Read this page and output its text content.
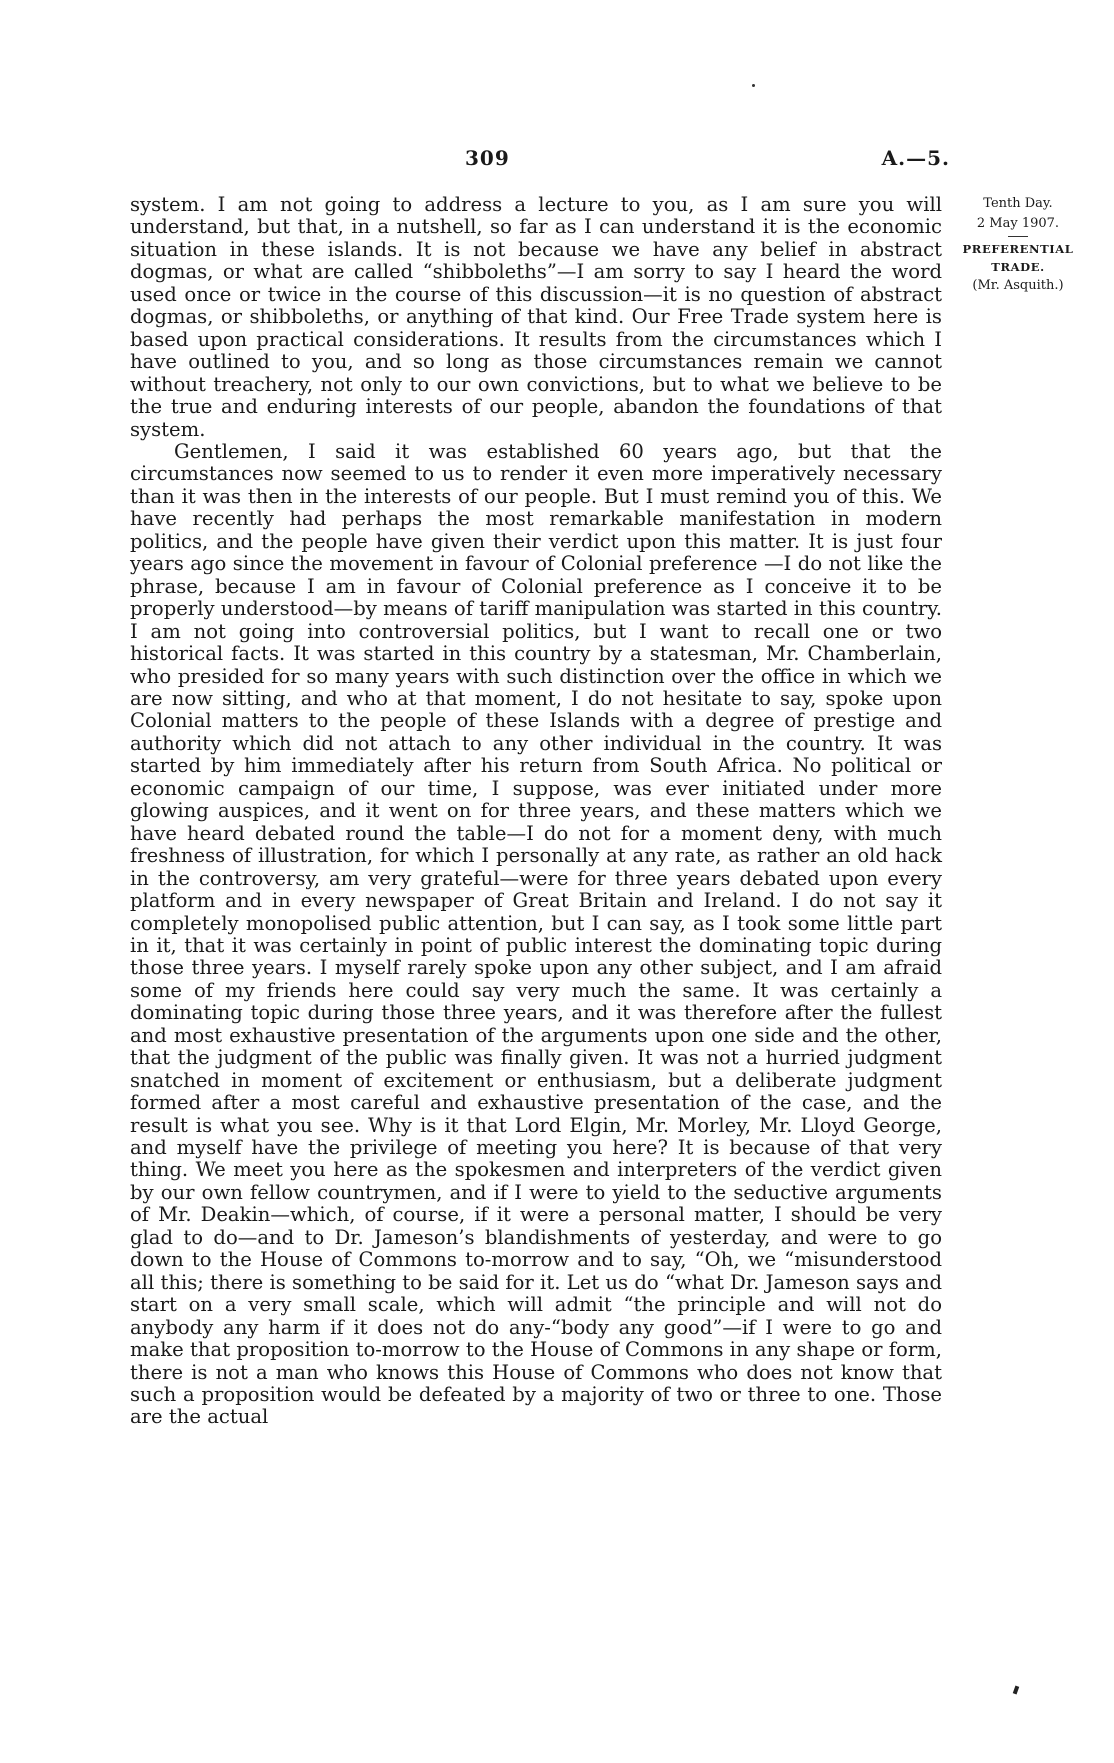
309	A.—5.

system. I am not going to address a lecture to you, as I am sure you will understand, but that, in a nutshell, so far as I can understand it is the economic situation in these islands. It is not because we have any belief in abstract dogmas, or what are called “shibboleths”—I am sorry to say I heard the word used once or twice in the course of this discussion—it is no question of abstract dogmas, or shibboleths, or anything of that kind. Our Free Trade system here is based upon practical considerations. It results from the circumstances which I have outlined to you, and so long as those circumstances remain we cannot without treachery, not only to our own convictions, but to what we believe to be the true and enduring interests of our people, abandon the foundations of that system.

Gentlemen, I said it was established 60 years ago, but that the circumstances now seemed to us to render it even more imperatively necessary than it was then in the interests of our people. But I must remind you of this. We have recently had perhaps the most remarkable manifestation in modern politics, and the people have given their verdict upon this matter. It is just four years ago since the movement in favour of Colonial preference —I do not like the phrase, because I am in favour of Colonial preference as I conceive it to be properly understood—by means of tariff manipulation was started in this country. I am not going into controversial politics, but I want to recall one or two historical facts. It was started in this country by a statesman, Mr. Chamberlain, who presided for so many years with such distinction over the office in which we are now sitting, and who at that moment, I do not hesitate to say, spoke upon Colonial matters to the people of these Islands with a degree of prestige and authority which did not attach to any other individual in the country. It was started by him immediately after his return from South Africa. No political or economic campaign of our time, I suppose, was ever initiated under more glowing auspices, and it went on for three years, and these matters which we have heard debated round the table—I do not for a moment deny, with much freshness of illustration, for which I personally at any rate, as rather an old hack in the controversy, am very grateful—were for three years debated upon every platform and in every newspaper of Great Britain and Ireland. I do not say it completely monopolised public attention, but I can say, as I took some little part in it, that it was certainly in point of public interest the dominating topic during those three years. I myself rarely spoke upon any other subject, and I am afraid some of my friends here could say very much the same. It was certainly a dominating topic during those three years, and it was therefore after the fullest and most exhaustive presentation of the arguments upon one side and the other, that the judgment of the public was finally given. It was not a hurried judgment snatched in moment of excitement or enthusiasm, but a deliberate judgment formed after a most careful and exhaustive presentation of the case, and the result is what you see. Why is it that Lord Elgin, Mr. Morley, Mr. Lloyd George, and myself have the privilege of meeting you here? It is because of that very thing. We meet you here as the spokesmen and interpreters of the verdict given by our own fellow countrymen, and if I were to yield to the seductive arguments of Mr. Deakin—which, of course, if it were a personal matter, I should be very glad to do—and to Dr. Jameson’s blandishments of yesterday, and were to go down to the House of Commons to-morrow and to say, “Oh, we “misunderstood all this; there is something to be said for it. Let us do “what Dr. Jameson says and start on a very small scale, which will admit “the principle and will not do anybody any harm if it does not do any-“body any good”—if I were to go and make that proposition to-morrow to the House of Commons in any shape or form, there is not a man who knows this House of Commons who does not know that such a proposition would be defeated by a majority of two or three to one. Those are the actual

Tenth Day.
2 May 1907.
PREFERENTIAL
TRADE.
(Mr. Asquith.)
